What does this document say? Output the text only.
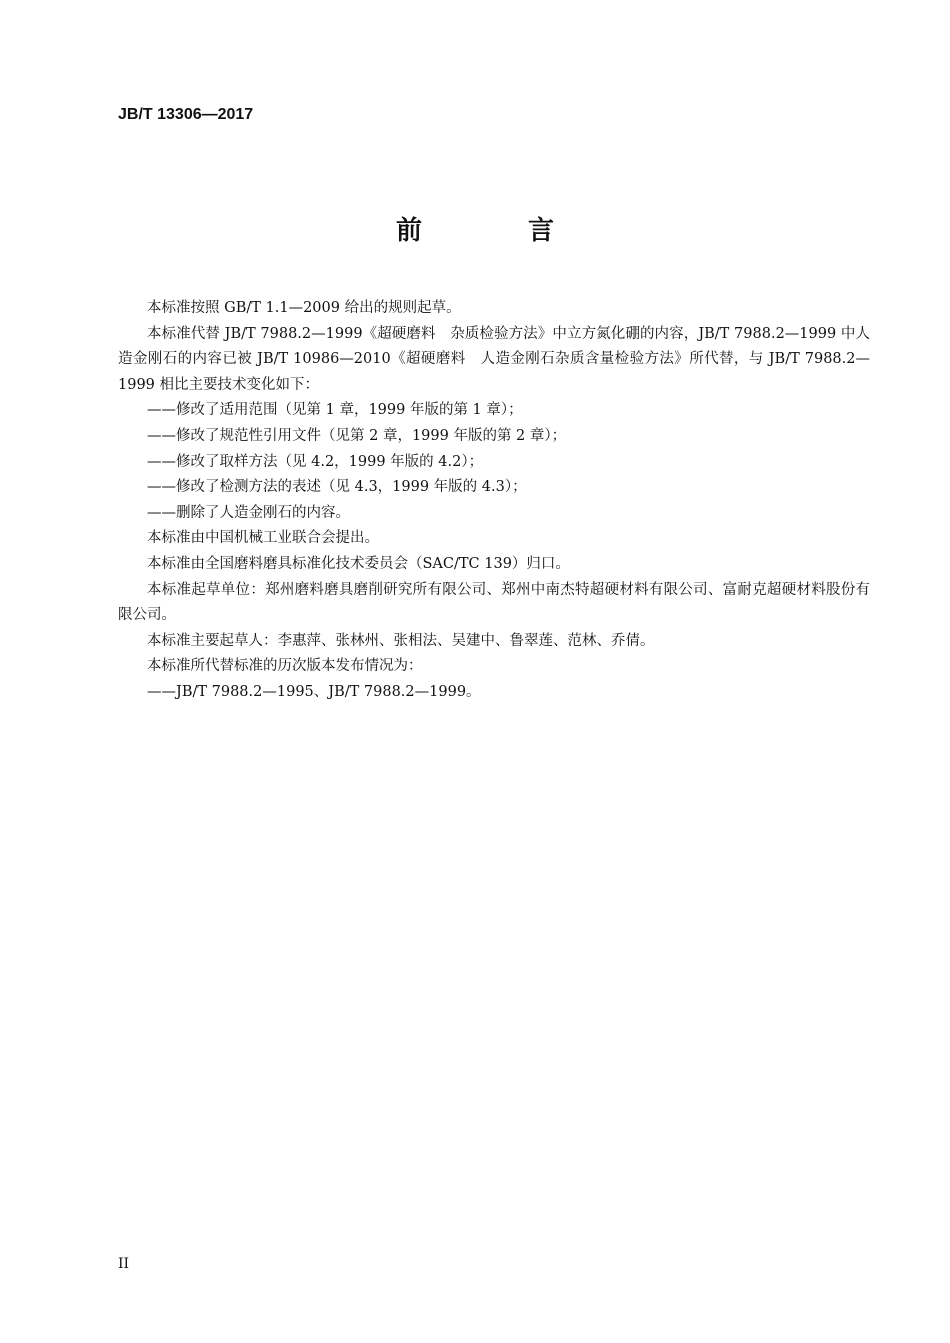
JB/T 13306—2017
前　言

本标准按照 GB/T 1.1—2009 给出的规则起草。

本标准代替 JB/T 7988.2—1999《超硬磨料　杂质检验方法》中立方氮化硼的内容，JB/T 7988.2—1999 中人造金刚石的内容已被 JB/T 10986—2010《超硬磨料　人造金刚石杂质含量检验方法》所代替，与 JB/T 7988.2—1999 相比主要技术变化如下：

——修改了适用范围（见第 1 章，1999 年版的第 1 章）；

——修改了规范性引用文件（见第 2 章，1999 年版的第 2 章）；

——修改了取样方法（见 4.2，1999 年版的 4.2）；

——修改了检测方法的表述（见 4.3，1999 年版的 4.3）；

——删除了人造金刚石的内容。

本标准由中国机械工业联合会提出。

本标准由全国磨料磨具标准化技术委员会（SAC/TC 139）归口。

本标准起草单位：郑州磨料磨具磨削研究所有限公司、郑州中南杰特超硬材料有限公司、富耐克超硬材料股份有限公司。

本标准主要起草人：李惠萍、张林州、张相法、吴建中、鲁翠莲、范林、乔倩。

本标准所代替标准的历次版本发布情况为：

——JB/T 7988.2—1995、JB/T 7988.2—1999。

II
